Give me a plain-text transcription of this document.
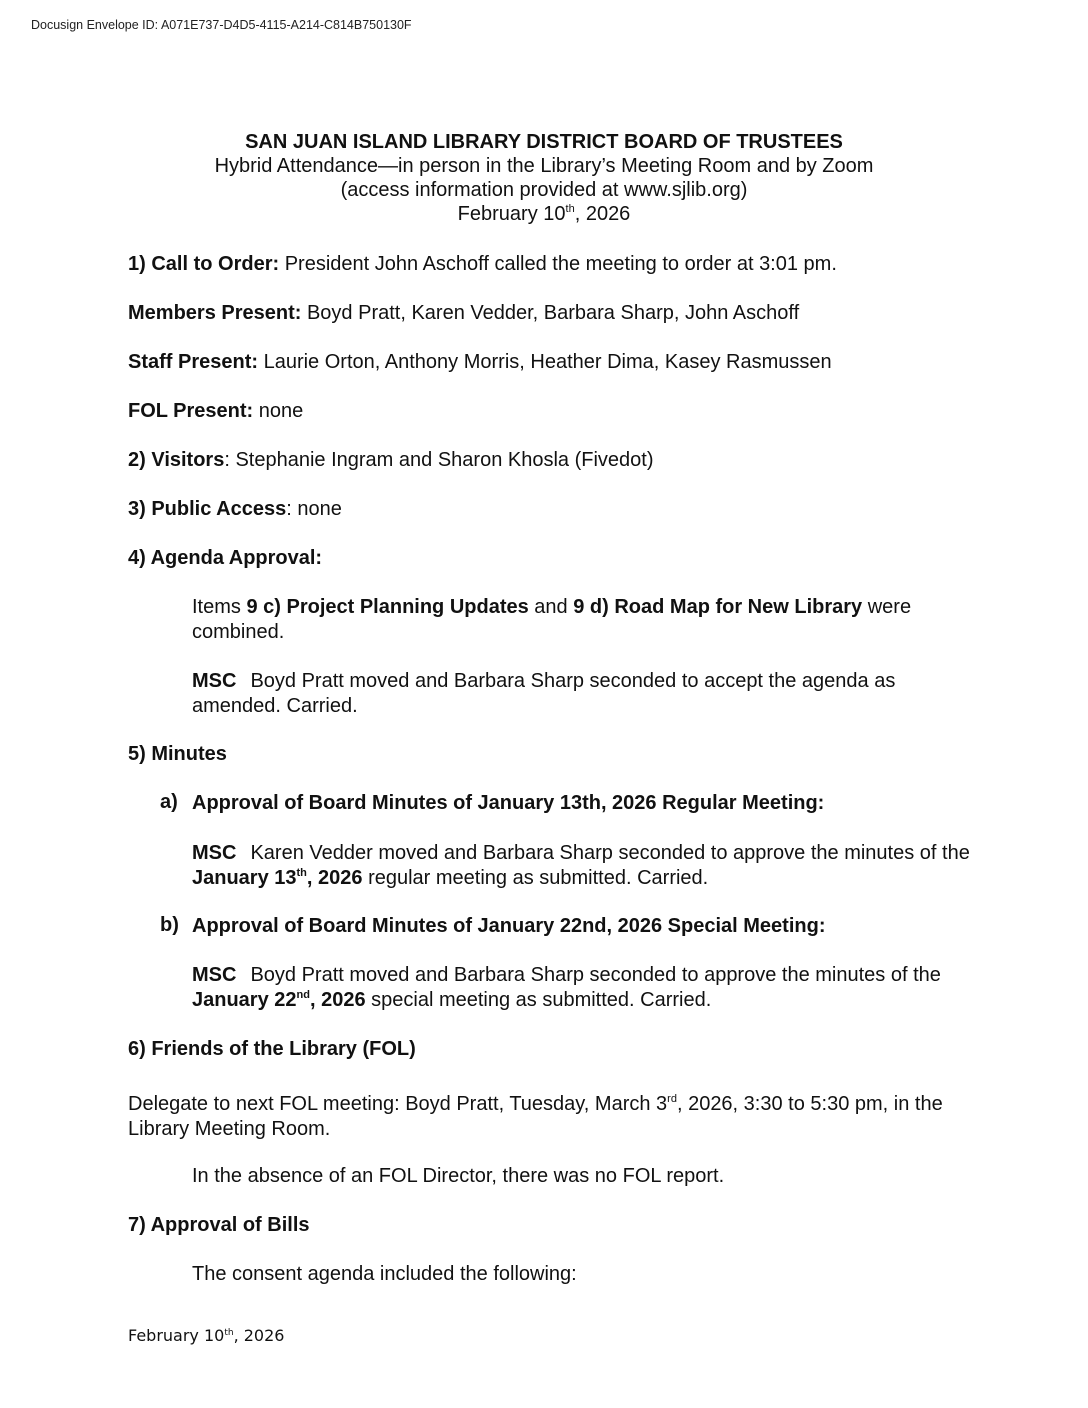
Docusign Envelope ID: A071E737-D4D5-4115-A214-C814B750130F
SAN JUAN ISLAND LIBRARY DISTRICT BOARD OF TRUSTEES
Hybrid Attendance—in person in the Library’s Meeting Room and by Zoom
(access information provided at www.sjlib.org)
February 10th, 2026
1) Call to Order: President John Aschoff called the meeting to order at 3:01 pm.
Members Present: Boyd Pratt, Karen Vedder, Barbara Sharp, John Aschoff
Staff Present: Laurie Orton, Anthony Morris, Heather Dima, Kasey Rasmussen
FOL Present: none
2) Visitors: Stephanie Ingram and Sharon Khosla (Fivedot)
3) Public Access: none
4) Agenda Approval:
Items 9 c) Project Planning Updates and 9 d) Road Map for New Library were combined.
MSC Boyd Pratt moved and Barbara Sharp seconded to accept the agenda as amended. Carried.
5) Minutes
a) Approval of Board Minutes of January 13th, 2026 Regular Meeting:
MSC Karen Vedder moved and Barbara Sharp seconded to approve the minutes of the January 13th, 2026 regular meeting as submitted. Carried.
b) Approval of Board Minutes of January 22nd, 2026 Special Meeting:
MSC Boyd Pratt moved and Barbara Sharp seconded to approve the minutes of the January 22nd, 2026 special meeting as submitted. Carried.
6) Friends of the Library (FOL)
Delegate to next FOL meeting: Boyd Pratt, Tuesday, March 3rd, 2026, 3:30 to 5:30 pm, in the Library Meeting Room.
In the absence of an FOL Director, there was no FOL report.
7) Approval of Bills
The consent agenda included the following:
February 10th, 2026
